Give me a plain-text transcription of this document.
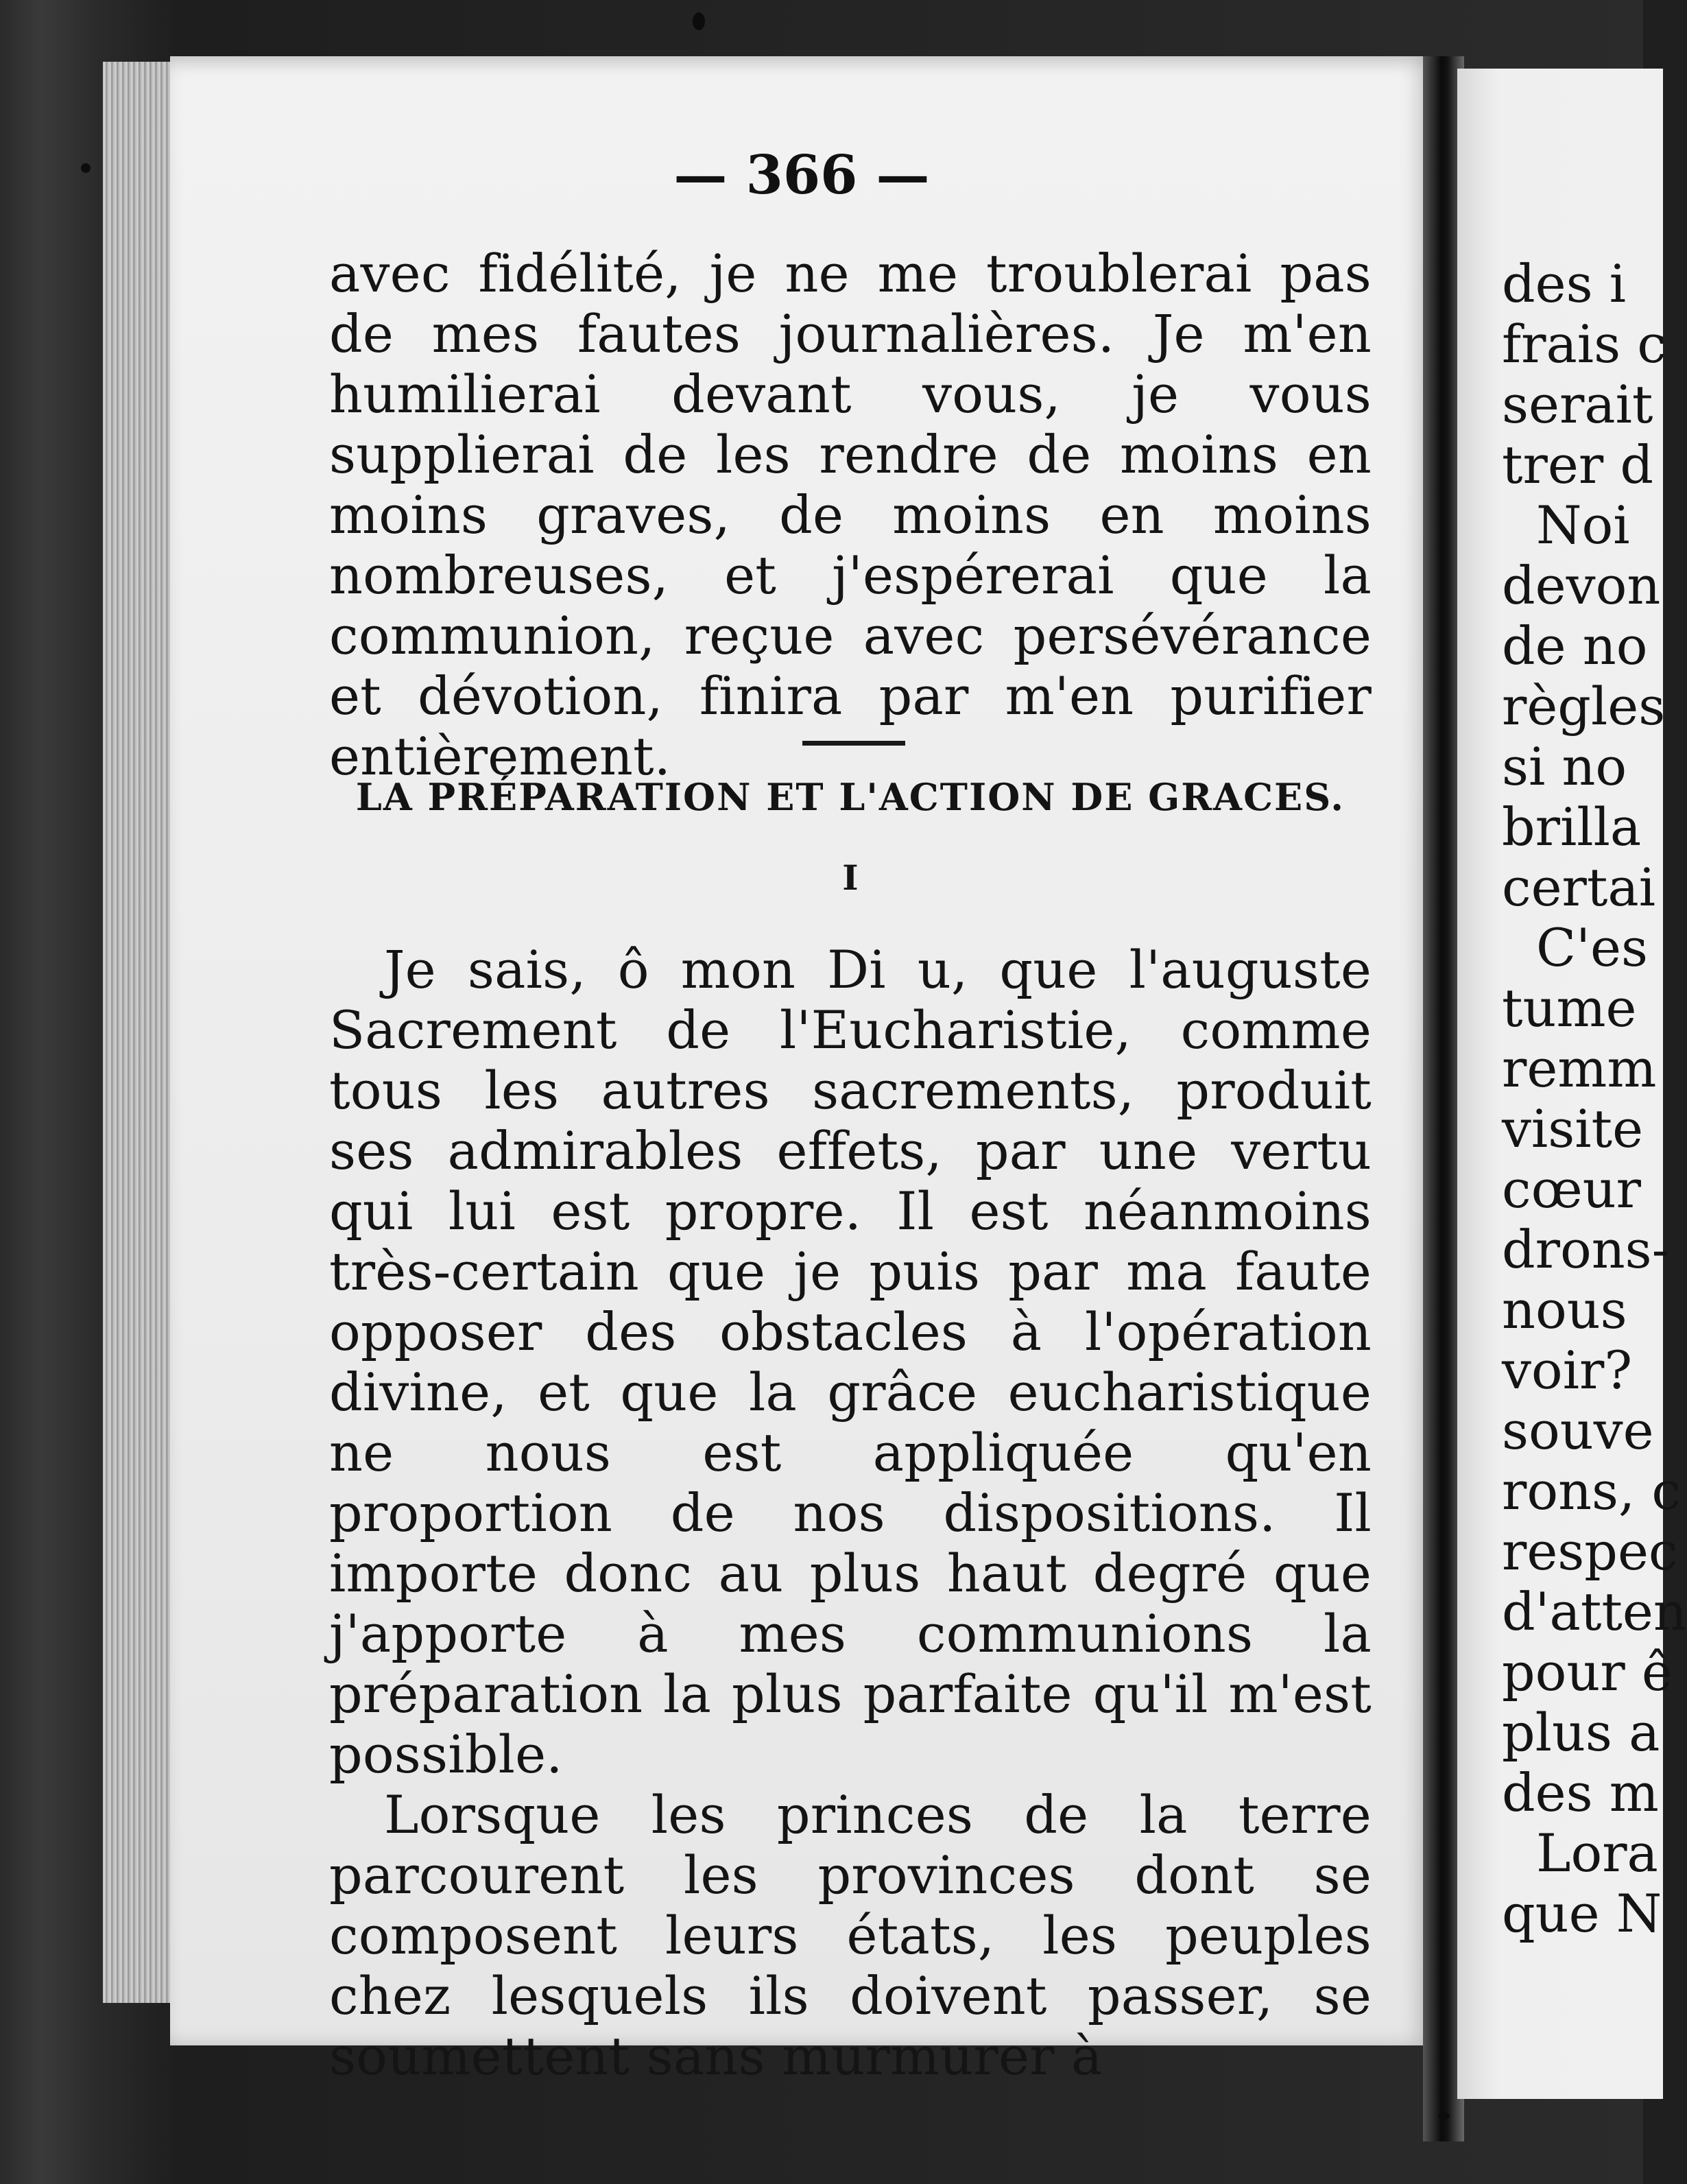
— 366 —

avec fidélité, je ne me troublerai pas de mes fautes journalières. Je m'en humilierai devant vous, je vous supplierai de les rendre de moins en moins graves, de moins en moins nombreuses, et j'espérerai que la communion, reçue avec persévérance et dévotion, finira par m'en purifier entièrement.

LA PRÉPARATION ET L'ACTION DE GRACES.
I

Je sais, ô mon Di u, que l'auguste Sacrement de l'Eucharistie, comme tous les autres sacrements, produit ses admirables effets, par une vertu qui lui est propre. Il est néanmoins très-certain que je puis par ma faute opposer des obstacles à l'opération divine, et que la grâce eucharistique ne nous est appliquée qu'en proportion de nos dispositions. Il importe donc au plus haut degré que j'apporte à mes communions la préparation la plus parfaite qu'il m'est possible.

Lorsque les princes de la terre parcourent les provinces dont se composent leurs états, les peuples chez lesquels ils doivent passer, se soumettent sans murmurer à

des i
frais c
serait
trer d
Noi
devon
de no
règles
si no
brilla
certai
C'es
tume
remm
visite
cœur
drons-
nous
voir?
souve
rons, c
respec
d'atten
pour ê
plus a
des m
Lora
que N
